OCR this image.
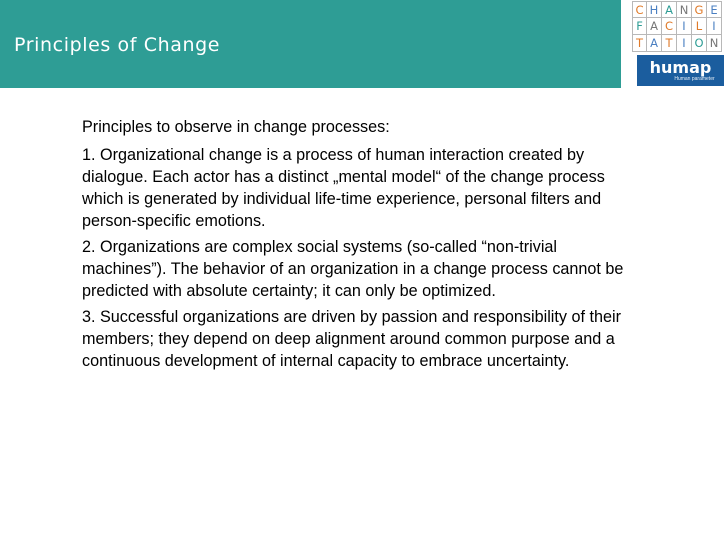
Principles of Change
C H A N G E
F A C I L I
T A T I O N
humap
Human parameter

Principles to observe in change processes:

1. Organizational change is a process of human interaction created by dialogue. Each actor has a distinct „mental model“ of the change process which is generated by individual life-time experience, personal filters and person-specific emotions.

2. Organizations are complex social systems (so-called “non-trivial machines”). The behavior of an organization in a change process cannot be predicted with absolute certainty; it can only be optimized.

3. Successful organizations are driven by passion and responsibility of their members; they depend on deep alignment around common purpose and a continuous development of internal capacity to embrace uncertainty.
